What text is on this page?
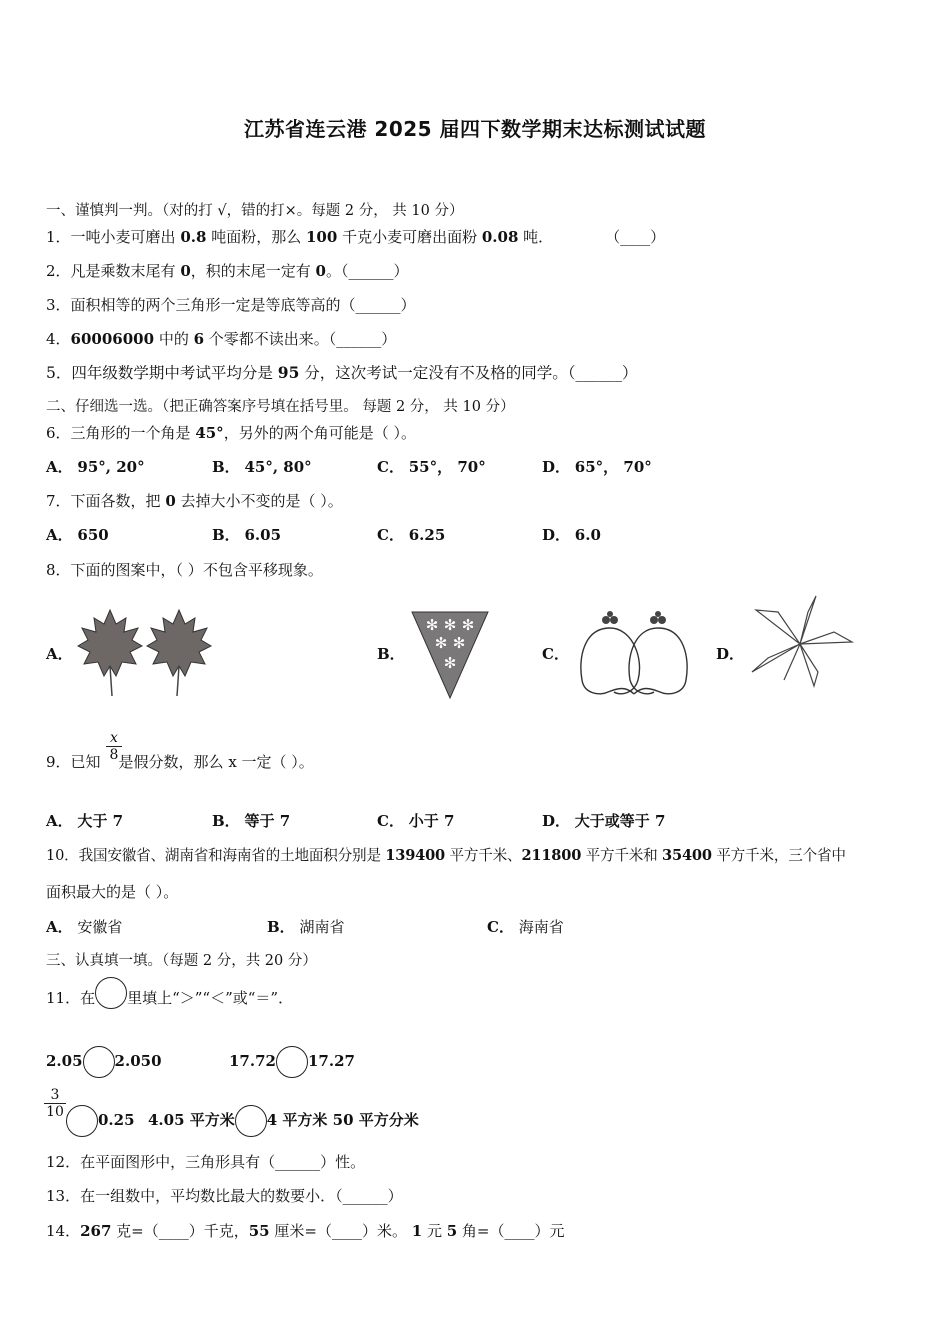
江苏省连云港 2025 届四下数学期末达标测试试题
一、谨慎判一判。（对的打 √，错的打×。每题 2 分， 共 10 分）
1．一吨小麦可磨出 0.8 吨面粉，那么 100 千克小麦可磨出面粉 0.08 吨．	（____）
2．凡是乘数末尾有 0，积的末尾一定有 0。（______）
3．面积相等的两个三角形一定是等底等高的（______）
4．60006000 中的 6 个零都不读出来。（______）
5．四年级数学期中考试平均分是 95 分，这次考试一定没有不及格的同学。（______）
二、仔细选一选。（把正确答案序号填在括号里。 每题 2 分， 共 10 分）
6．三角形的一个角是 45°，另外的两个角可能是（ ）。
A． 95°, 20°	B． 45°, 80°	C． 55°， 70°	D． 65°， 70°
7．下面各数，把 0 去掉大小不变的是（ ）。
A． 650	B． 6.05	C． 6.25	D． 6.0
8．下面的图案中，（ ）不包含平移现象。
A．	B．
✻ ✻ ✻
✻ ✻
✻	C．	D．
$\frac{x}{8}$
9．已知 是假分数，那么 x 一定（ ）。
A． 大于 7	B． 等于 7	C． 小于 7	D． 大于或等于 7
10．我国安徽省、湖南省和海南省的土地面积分别是 139400 平方千米、211800 平方千米和 35400 平方千米，三个省中
面积最大的是（ ）。
A． 安徽省	B． 湖南省	C． 海南省
三、认真填一填。（每题 2 分，共 20 分）
11．在 里填上“＞”“＜”或“＝”．
2.05 2.050	17.72 17.27
$\frac{3}{10}$	0.25 4.05 平方米 4 平方米 50 平方分米
12．在平面图形中，三角形具有（______）性。
13．在一组数中，平均数比最大的数要小．（______）
14．267 克=（____）千克，55 厘米=（____）米。 1 元 5 角=（____）元
